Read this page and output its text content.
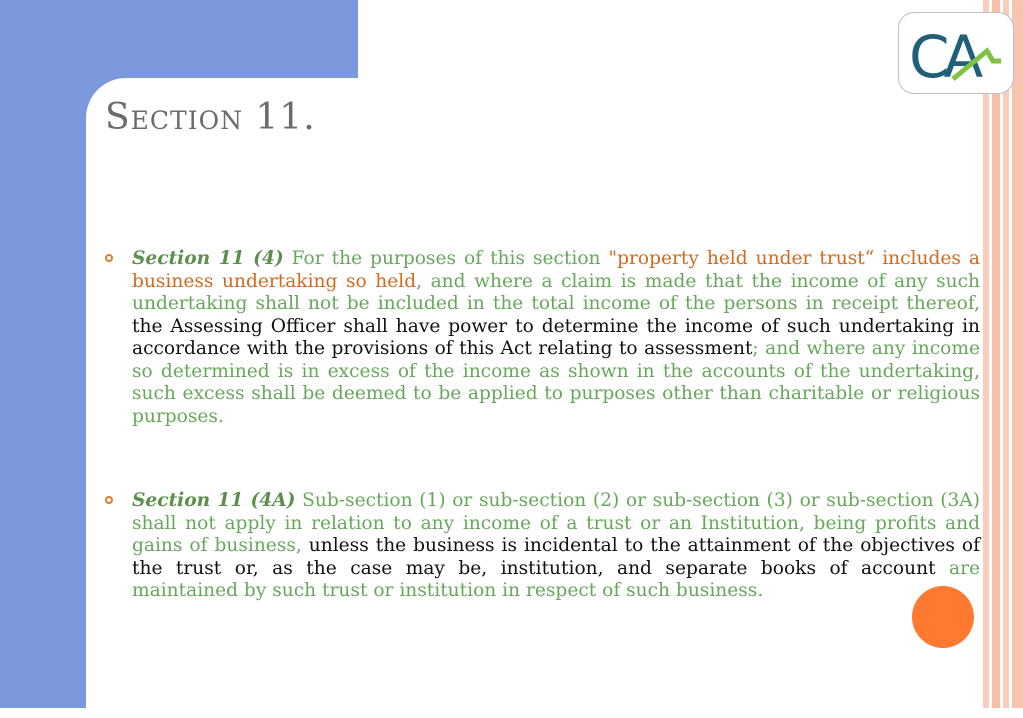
Section 11.
CA
Section 11 (4) For the purposes of this section "property held under trust“ includes a business undertaking so held, and where a claim is made that the income of any such undertaking shall not be included in the total income of the persons in receipt thereof, the Assessing Officer shall have power to determine the income of such undertaking in accordance with the provisions of this Act relating to assessment; and where any income so determined is in excess of the income as shown in the accounts of the undertaking, such excess shall be deemed to be applied to purposes other than charitable or religious purposes.
Section 11 (4A) Sub-section (1) or sub-section (2) or sub-section (3) or sub-section (3A) shall not apply in relation to any income of a trust or an Institution, being profits and gains of business, unless the business is incidental to the attainment of the objectives of the trust or, as the case may be, institution, and separate books of account are maintained by such trust or institution in respect of such business.
